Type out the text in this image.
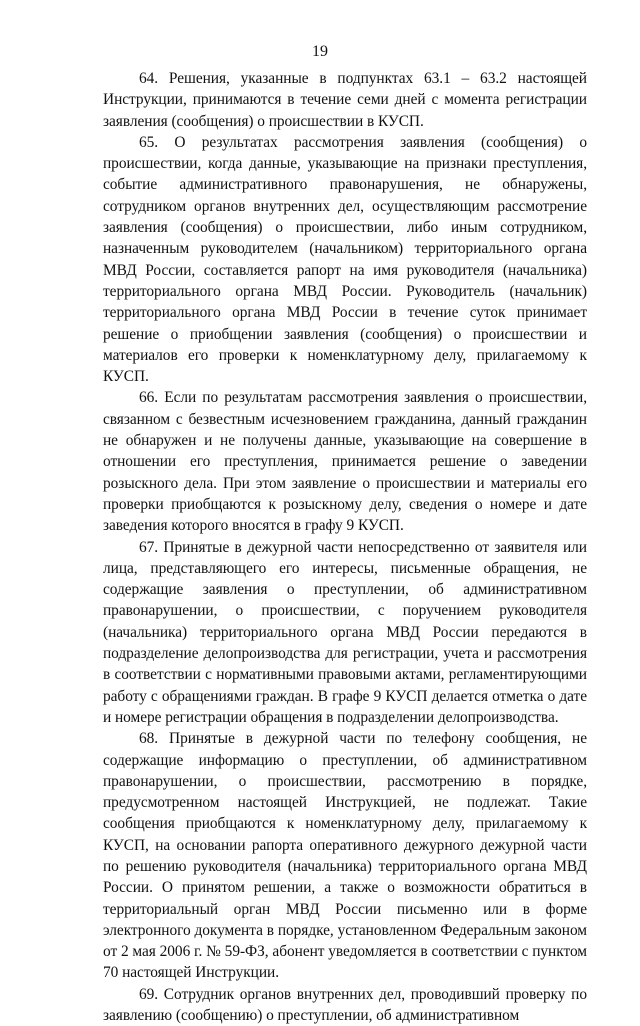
19

64. Решения, указанные в подпунктах 63.1 – 63.2 настоящей Инструкции, принимаются в течение семи дней с момента регистрации заявления (сообщения) о происшествии в КУСП.

65. О результатах рассмотрения заявления (сообщения) о происшествии, когда данные, указывающие на признаки преступления, событие административного правонарушения, не обнаружены, сотрудником органов внутренних дел, осуществляющим рассмотрение заявления (сообщения) о происшествии, либо иным сотрудником, назначенным руководителем (начальником) территориального органа МВД России, составляется рапорт на имя руководителя (начальника) территориального органа МВД России. Руководитель (начальник) территориального органа МВД России в течение суток принимает решение о приобщении заявления (сообщения) о происшествии и материалов его проверки к номенклатурному делу, прилагаемому к КУСП.

66. Если по результатам рассмотрения заявления о происшествии, связанном с безвестным исчезновением гражданина, данный гражданин не обнаружен и не получены данные, указывающие на совершение в отношении его преступления, принимается решение о заведении розыскного дела. При этом заявление о происшествии и материалы его проверки приобщаются к розыскному делу, сведения о номере и дате заведения которого вносятся в графу 9 КУСП.

67. Принятые в дежурной части непосредственно от заявителя или лица, представляющего его интересы, письменные обращения, не содержащие заявления о преступлении, об административном правонарушении, о происшествии, с поручением руководителя (начальника) территориального органа МВД России передаются в подразделение делопроизводства для регистрации, учета и рассмотрения в соответствии с нормативными правовыми актами, регламентирующими работу с обращениями граждан. В графе 9 КУСП делается отметка о дате и номере регистрации обращения в подразделении делопроизводства.

68. Принятые в дежурной части по телефону сообщения, не содержащие информацию о преступлении, об административном правонарушении, о происшествии, рассмотрению в порядке, предусмотренном настоящей Инструкцией, не подлежат. Такие сообщения приобщаются к номенклатурному делу, прилагаемому к КУСП, на основании рапорта оперативного дежурного дежурной части по решению руководителя (начальника) территориального органа МВД России. О принятом решении, а также о возможности обратиться в территориальный орган МВД России письменно или в форме электронного документа в порядке, установленном Федеральным законом от 2 мая 2006 г. № 59-ФЗ, абонент уведомляется в соответствии с пунктом 70 настоящей Инструкции.

69. Сотрудник органов внутренних дел, проводивший проверку по заявлению (сообщению) о преступлении, об административном
